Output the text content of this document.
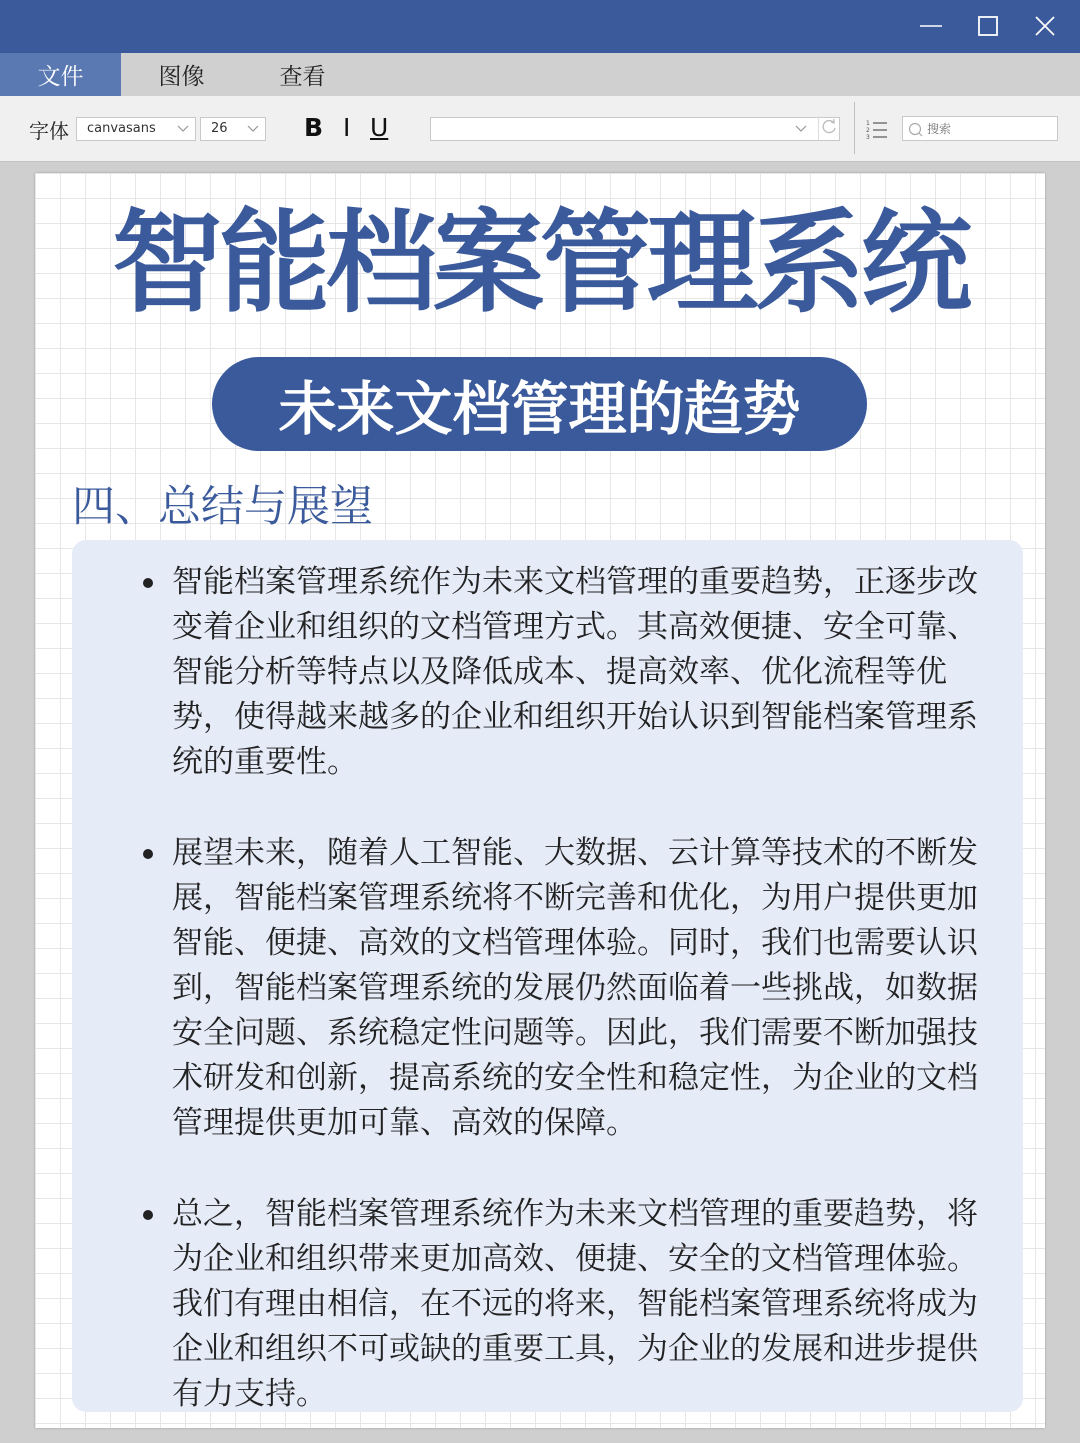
文件	图像	查看
字体	canvasans	26	B I U	1
2
3
搜索
智能档案管理系统
未来文档管理的趋势
四、总结与展望
智能档案管理系统作为未来文档管理的重要趋势，正逐步改变着企业和组织的文档管理方式。其高效便捷、安全可靠、智能分析等特点以及降低成本、提高效率、优化流程等优势，使得越来越多的企业和组织开始认识到智能档案管理系统的重要性。
展望未来，随着人工智能、大数据、云计算等技术的不断发展，智能档案管理系统将不断完善和优化，为用户提供更加智能、便捷、高效的文档管理体验。同时，我们也需要认识到，智能档案管理系统的发展仍然面临着一些挑战，如数据安全问题、系统稳定性问题等。因此，我们需要不断加强技术研发和创新，提高系统的安全性和稳定性，为企业的文档管理提供更加可靠、高效的保障。
总之，智能档案管理系统作为未来文档管理的重要趋势，将为企业和组织带来更加高效、便捷、安全的文档管理体验。我们有理由相信，在不远的将来，智能档案管理系统将成为企业和组织不可或缺的重要工具，为企业的发展和进步提供有力支持。
